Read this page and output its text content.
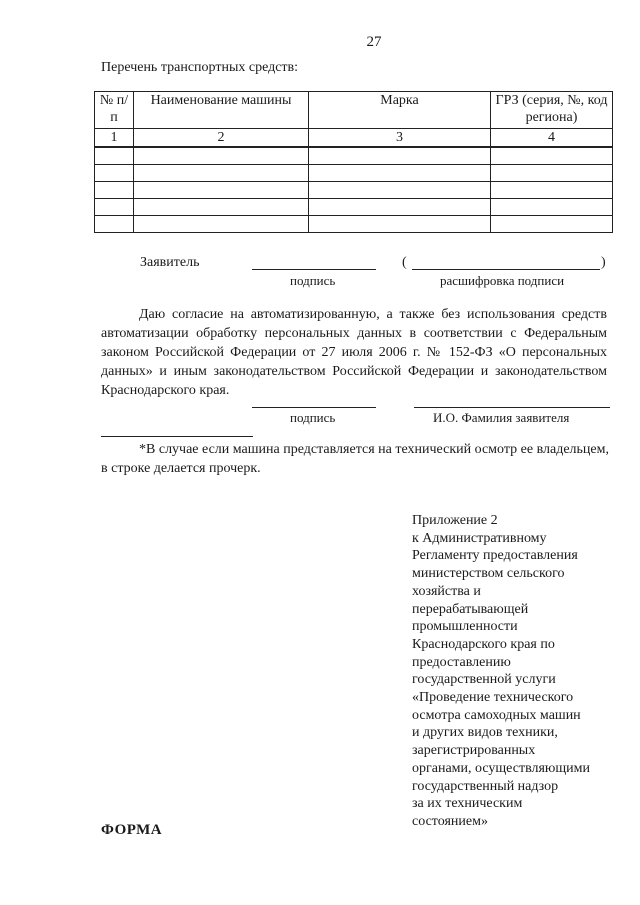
27
Перечень транспортных средств:
№ п/п	Наименование машины	Марка	ГРЗ (серия, №, код региона)
1	2	3	4

Заявитель	(	)
подпись	расшифровка подписи
Даю согласие на автоматизированную, а также без использования средств автоматизации обработку персональных данных в соответствии с Федеральным законом Российской Федерации от 27 июля 2006 г. № 152-ФЗ «О персональных данных» и иным законодательством Российской Федерации и законодательством Краснодарского края.
подпись	И.О. Фамилия заявителя
*В случае если машина представляется на технический осмотр ее владельцем, в строке делается прочерк.
Приложение 2
к Административному
Регламенту предоставления
министерством сельского
хозяйства и
перерабатывающей
промышленности
Краснодарского края по
предоставлению
государственной услуги
«Проведение технического
осмотра самоходных машин
и других видов техники,
зарегистрированных
органами, осуществляющими
государственный надзор
за их техническим
состоянием»
ФОРМА
